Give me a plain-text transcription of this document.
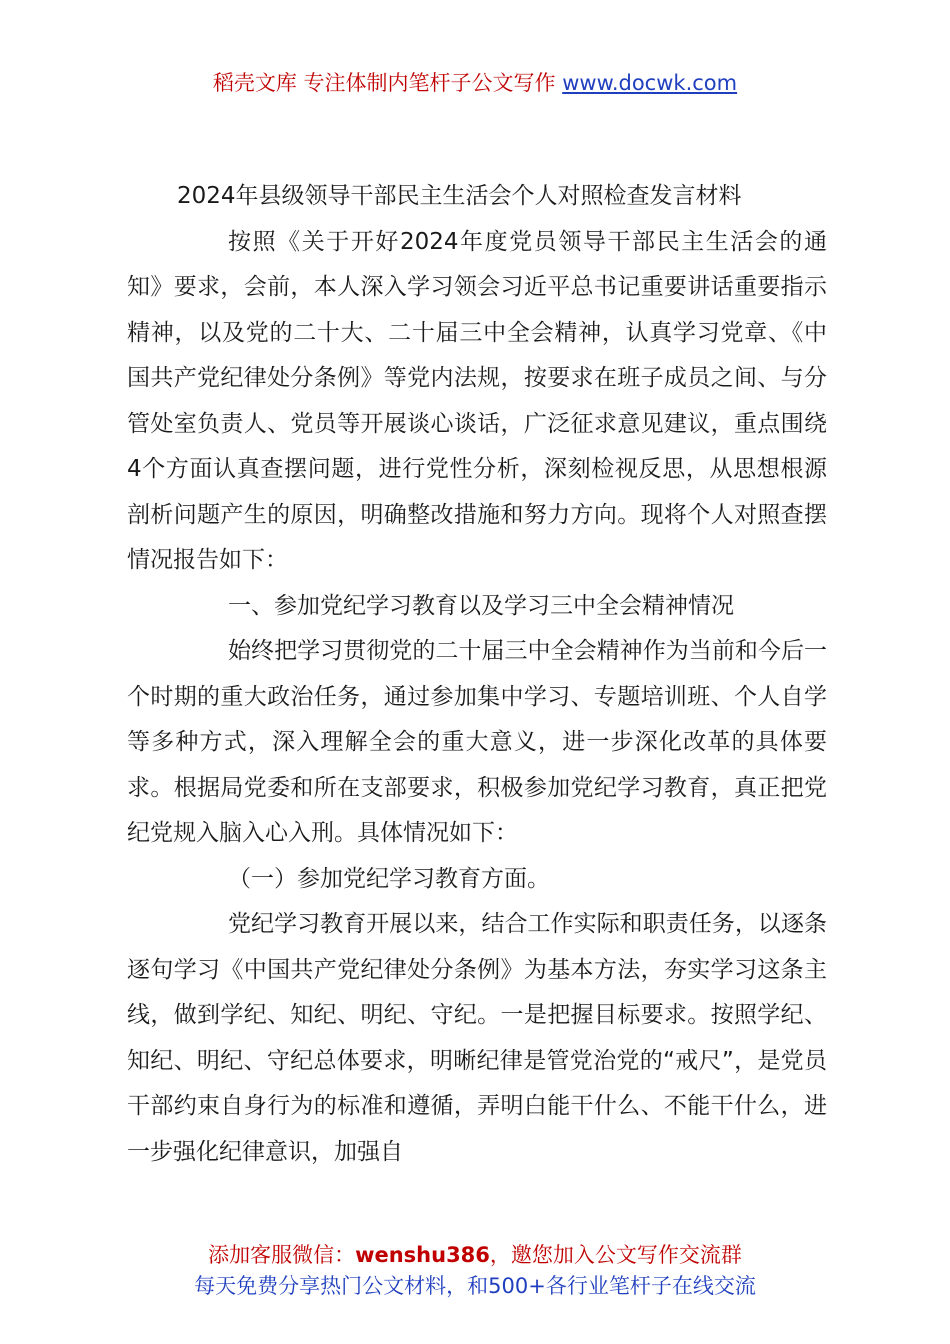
稻壳文库 专注体制内笔杆子公文写作 www.docwk.com

2024年县级领导干部民主生活会个人对照检查发言材料

按照《关于开好2024年度党员领导干部民主生活会的通知》要求，会前，本人深入学习领会习近平总书记重要讲话重要指示精神，以及党的二十大、二十届三中全会精神，认真学习党章、《中国共产党纪律处分条例》等党内法规，按要求在班子成员之间、与分管处室负责人、党员等开展谈心谈话，广泛征求意见建议，重点围绕4个方面认真查摆问题，进行党性分析，深刻检视反思，从思想根源剖析问题产生的原因，明确整改措施和努力方向。现将个人对照查摆情况报告如下：

一、参加党纪学习教育以及学习三中全会精神情况

始终把学习贯彻党的二十届三中全会精神作为当前和今后一个时期的重大政治任务，通过参加集中学习、专题培训班、个人自学等多种方式，深入理解全会的重大意义，进一步深化改革的具体要求。根据局党委和所在支部要求，积极参加党纪学习教育，真正把党纪党规入脑入心入刑。具体情况如下：

（一）参加党纪学习教育方面。

党纪学习教育开展以来，结合工作实际和职责任务，以逐条逐句学习《中国共产党纪律处分条例》为基本方法，夯实学习这条主线，做到学纪、知纪、明纪、守纪。一是把握目标要求。按照学纪、知纪、明纪、守纪总体要求，明晰纪律是管党治党的“戒尺”，是党员干部约束自身行为的标准和遵循，弄明白能干什么、不能干什么，进一步强化纪律意识，加强自

添加客服微信：wenshu386，邀您加入公文写作交流群
每天免费分享热门公文材料，和500+各行业笔杆子在线交流
